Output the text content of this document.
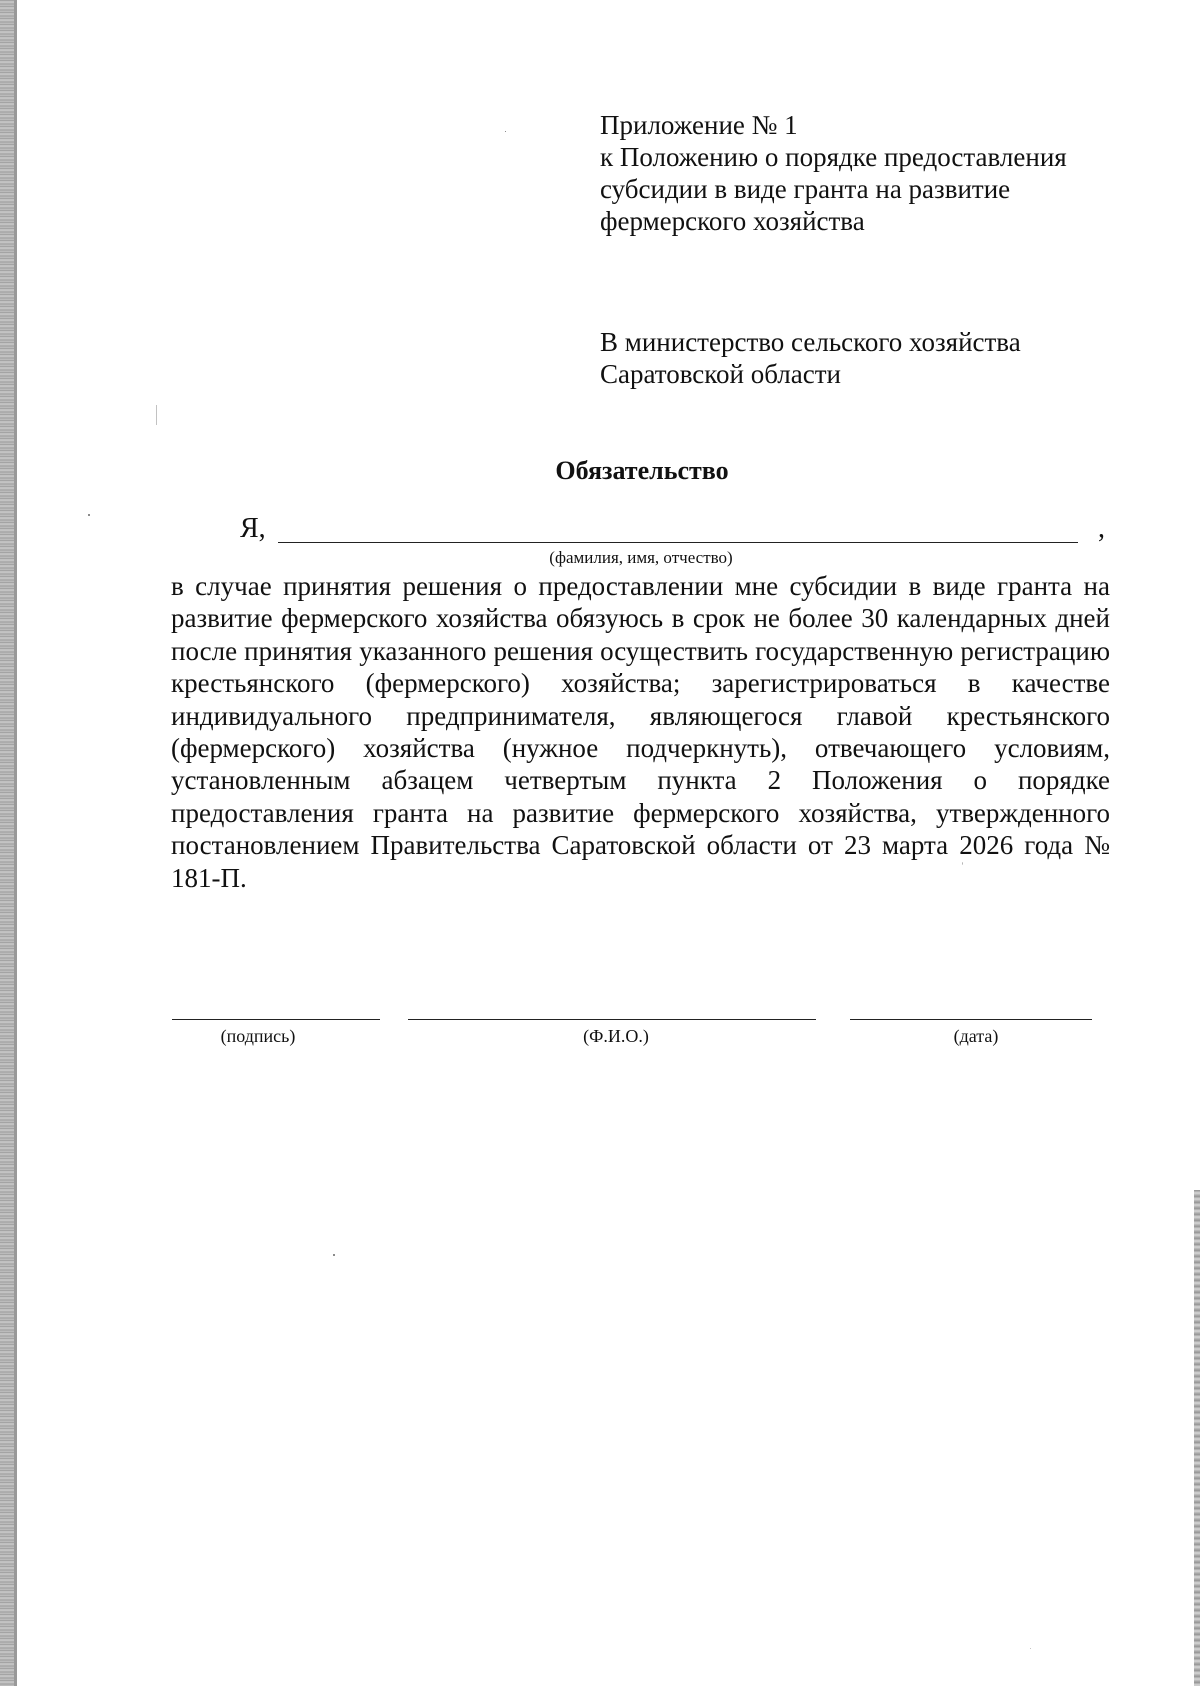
Приложение № 1
к Положению о порядке предоставления
субсидии в виде гранта на развитие
фермерского хозяйства
В министерство сельского хозяйства
Саратовской области
Обязательство
Я,	,
(фамилия, имя, отчество)
в случае принятия решения о предоставлении мне субсидии в виде гранта на развитие фермерского хозяйства обязуюсь в срок не более 30 календарных дней после принятия указанного решения осуществить государственную регистрацию крестьянского (фермерского) хозяйства; зарегистрироваться в качестве индивидуального предпринимателя, являющегося главой крестьянского (фермерского) хозяйства (нужное подчеркнуть), отвечающего условиям, установленным абзацем четвертым пункта 2 Положения о порядке предоставления гранта на развитие фермерского хозяйства, утвержденного постановлением Правительства Саратовской области от 23 марта 2026 года № 181-П.
(подпись)	(Ф.И.О.)	(дата)
